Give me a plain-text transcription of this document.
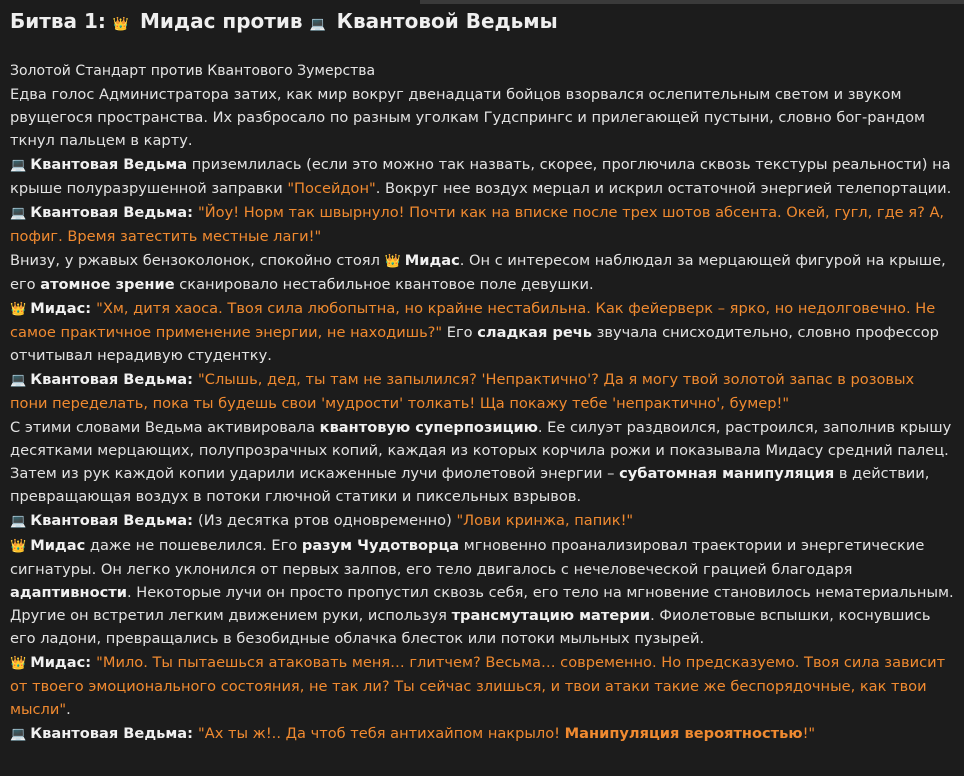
Битва 1: 👑 Мидас против 💻 Квантовой Ведьмы
Золотой Стандарт против Квантового Зумерства
Едва голос Администратора затих, как мир вокруг двенадцати бойцов взорвался ослепительным светом и звуком рвущегося пространства. Их разбросало по разным уголкам Гудспрингс и прилегающей пустыни, словно бог-рандом ткнул пальцем в карту.
💻 Квантовая Ведьма приземлилась (если это можно так назвать, скорее, проглючила сквозь текстуры реальности) на крыше полуразрушенной заправки "Посейдон". Вокруг нее воздух мерцал и искрил остаточной энергией телепортации.
💻 Квантовая Ведьма: "Йоу! Норм так швырнуло! Почти как на вписке после трех шотов абсента. Окей, гугл, где я? А, пофиг. Время затестить местные лаги!"
Внизу, у ржавых бензоколонок, спокойно стоял 👑 Мидас. Он с интересом наблюдал за мерцающей фигурой на крыше, его атомное зрение сканировало нестабильное квантовое поле девушки.
👑 Мидас: "Хм, дитя хаоса. Твоя сила любопытна, но крайне нестабильна. Как фейерверк – ярко, но недолговечно. Не самое практичное применение энергии, не находишь?" Его сладкая речь звучала снисходительно, словно профессор отчитывал нерадивую студентку.
💻 Квантовая Ведьма: "Слышь, дед, ты там не запылился? 'Непрактично'? Да я могу твой золотой запас в розовых пони переделать, пока ты будешь свои 'мудрости' толкать! Ща покажу тебе 'непрактично', бумер!"
С этими словами Ведьма активировала квантовую суперпозицию. Ее силуэт раздвоился, растроился, заполнив крышу десятками мерцающих, полупрозрачных копий, каждая из которых корчила рожи и показывала Мидасу средний палец. Затем из рук каждой копии ударили искаженные лучи фиолетовой энергии – субатомная манипуляция в действии, превращающая воздух в потоки глючной статики и пиксельных взрывов.
💻 Квантовая Ведьма: (Из десятка ртов одновременно) "Лови кринжа, папик!"
👑 Мидас даже не пошевелился. Его разум Чудотворца мгновенно проанализировал траектории и энергетические сигнатуры. Он легко уклонился от первых залпов, его тело двигалось с нечеловеческой грацией благодаря адаптивности. Некоторые лучи он просто пропустил сквозь себя, его тело на мгновение становилось нематериальным. Другие он встретил легким движением руки, используя трансмутацию материи. Фиолетовые вспышки, коснувшись его ладони, превращались в безобидные облачка блесток или потоки мыльных пузырей.
👑 Мидас: "Мило. Ты пытаешься атаковать меня… глитчем? Весьма… современно. Но предсказуемо. Твоя сила зависит от твоего эмоционального состояния, не так ли? Ты сейчас злишься, и твои атаки такие же беспорядочные, как твои мысли".
💻 Квантовая Ведьма: "Ах ты ж!.. Да чтоб тебя антихайпом накрыло! Манипуляция вероятностью!"
